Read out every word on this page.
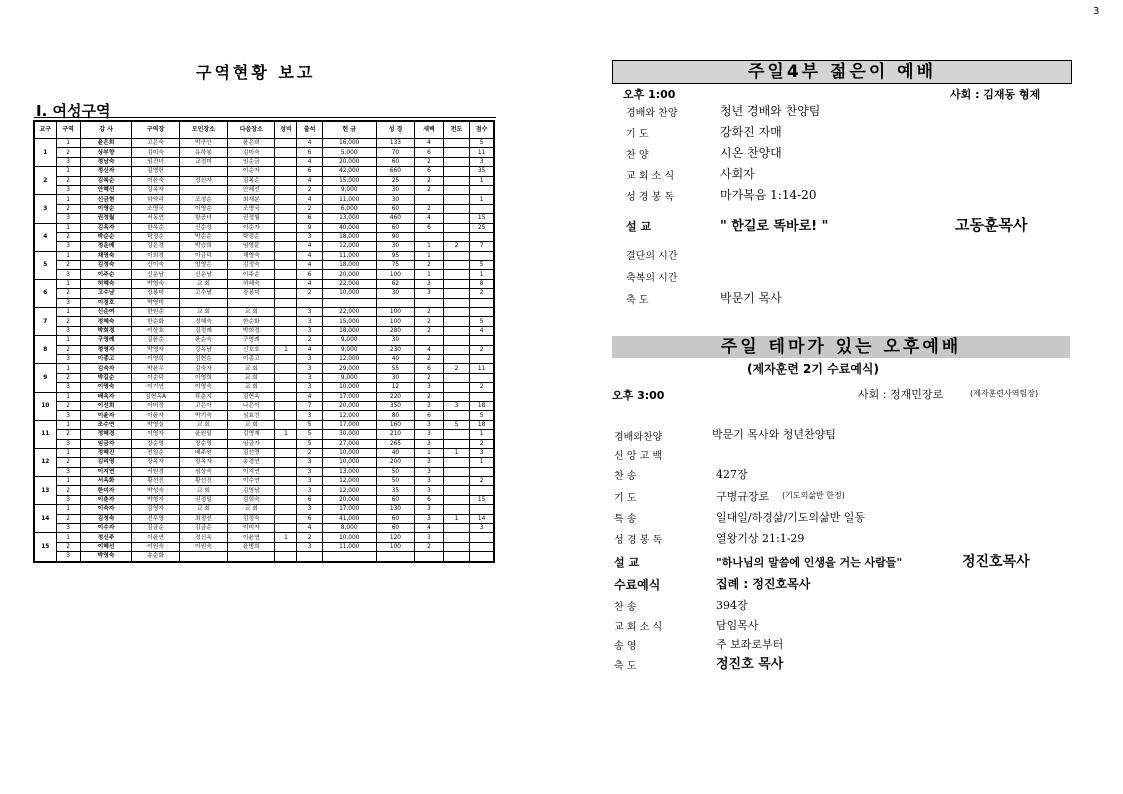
3
구역현황 보고
Ⅰ. 여성구역
교구	구역	강 사	구역장	모인장소	다음장소	성비	출석	헌 금	성 경	새벽	전도	점수
1	1	윤은희	고은숙	박구안	윤은희		4	16,000	133	4		5
	2	상부향	김미숙	유하봉	김미숙		6	5,000	70	6		11
	3	정남숙	임진녀	교정미	임순금		4	20,000	60	2		3
2	1	정신자	김영헌		이순자		6	42,000	660	6		35
	2	김복순	이윤숙	정신자	김복순		4	15,000	25	2		1
	3	안혜선	김옥자		안혜선		2	9,000	30	2		
3	1	신금현	하약리	조정순	최재분		4	11,000	30			1
	2	이영순	조명국	이영순	조명국		2	6,000	60	2		
	3	권정월	서동연	왕공녀	권정월		6	13,000	460	4		15
4	1	김옥자	한옥순	신순성	이순자		9	40,000	60	6		25
	2	박순순	탁정순	박순순	탁정순		3	18,000	90			
	3	정운례	김은경	박승희	임영륜		4	12,000	30	1	2	7
5	1	채영숙	이희경	이금덕	채영숙		4	11,000	95	1		
	2	김정숙	신이숙	엄영은	김정숙		4	18,000	75	2		5
	3	이주순	신운남	신운남	이주순		6	20,000	100	1		1
6	1	허혜숙	박영숙	교 회	허혜숙		4	22,000	62	3		8
	2	고수남	장봉미	고수남	장봉미		2	10,000	30	3		2
	3	이점호	박영미									
7	1	신순여	한원순	교 회	교 회		3	22,000	100	2		
	2	정혜숙	한순화	정혜숙	한순화		3	15,000	100	2		5
	3	박희경	이상호	김정례	박희정		3	18,000	280	2		4
8	1	구영례	김윤순	윤순숙	구영례		2	9,000	30			
	2	정영자	박영자	강옥남	신호호	1	4	9,000	230	4		2
	3	이종고	이영희	김현순	이종고		3	12,000	40	2		
9	1	김숙자	박윤우	김숙자	교 회		3	29,000	55	6	2	11
	2	박길순	이순덕	이영희	교 회		3	9,000	30	2		
	3	이영숙	이기연	이영숙	교 회		3	10,000	12	3		2
10	1	배옥자	김현옥A	류춘지	김현옥		4	17,000	220	2		
	2	이선희	이미정	고은아	나은이		7	20,000	350	3	3	18
	3	이윤자	이윤자	박기숙	심효진		3	12,000	80	6		5
11	1	조수연	박영실	교 회	교 회		5	17,000	160	3	5	18
	2	정혜경	이영자	윤원일	김영재	1	5	30,000	210	3		1
	3	임금자	장순영	장순영	임금자		5	27,000	265	3		2
12	1	정혜진	전일순	배주원	김선영		2	10,000	40	1	1	3
	2	김리영	장옥자	장옥자	송경연		3	10,000	200	3		1
	3	이지연	서원경	심상숙	이지연		3	13,000	50	3		
13	1	서옥화	황선진	황선진	이수연		3	12,000	50	3		2
	2	한미자	박성숙	교 회	김영남		3	12,000	35	3		
	3	이춘자	박형자	권정일	김희숙		6	20,000	60	6		15
14	1	이숙자	김영자	교 회	교 회		3	17,000	130	3		
	2	김정숙	전무영	최정선	김정숙		6	41,000	60	3	1	14
	3	이수자	김금순	김금순	이미자		4	8,000	60	4		3
15	1	정신주	이윤연	정신옥	이윤연	1	2	10,000	120	3		
	2	이혜선	이원숙	이원숙	윤병희		3	11,000	100	2		
	3	박영숙	송순화									
주일4부 젊은이 예배
오후 1:00	사회 : 김재동 형제
경배와 찬양	청년 경배와 찬양팀
기 도	강화진 자매
찬 양	시온 찬양대
교 회 소 식	사회자
성 경 봉 독	마가복음 1:14-20
설 교	" 한길로 똑바로! "	고동훈목사
결단의 시간
축복의 시간
축 도	박문기 목사
주일 테마가 있는 오후예배
(제자훈련 2기 수료예식)
오후 3:00	사회 : 정재민장로	(제자훈련사역팀장)
경배와찬양	박문기 목사와 청년찬양팀
신 앙 고 백
찬 송	427장
기 도	구병규장로 (기도의삶반 한정)
특 송	일대일/하경삶/기도의삶반 일동
성 경 봉 독	열왕기상 21:1-29
설 교	"하나님의 말씀에 인생을 거는 사람들"	정진호목사
수료예식	집례 : 정진호목사
찬 송	394장
교 회 소 식	담임목사
송 영	주 보좌로부터
축 도	정진호 목사
